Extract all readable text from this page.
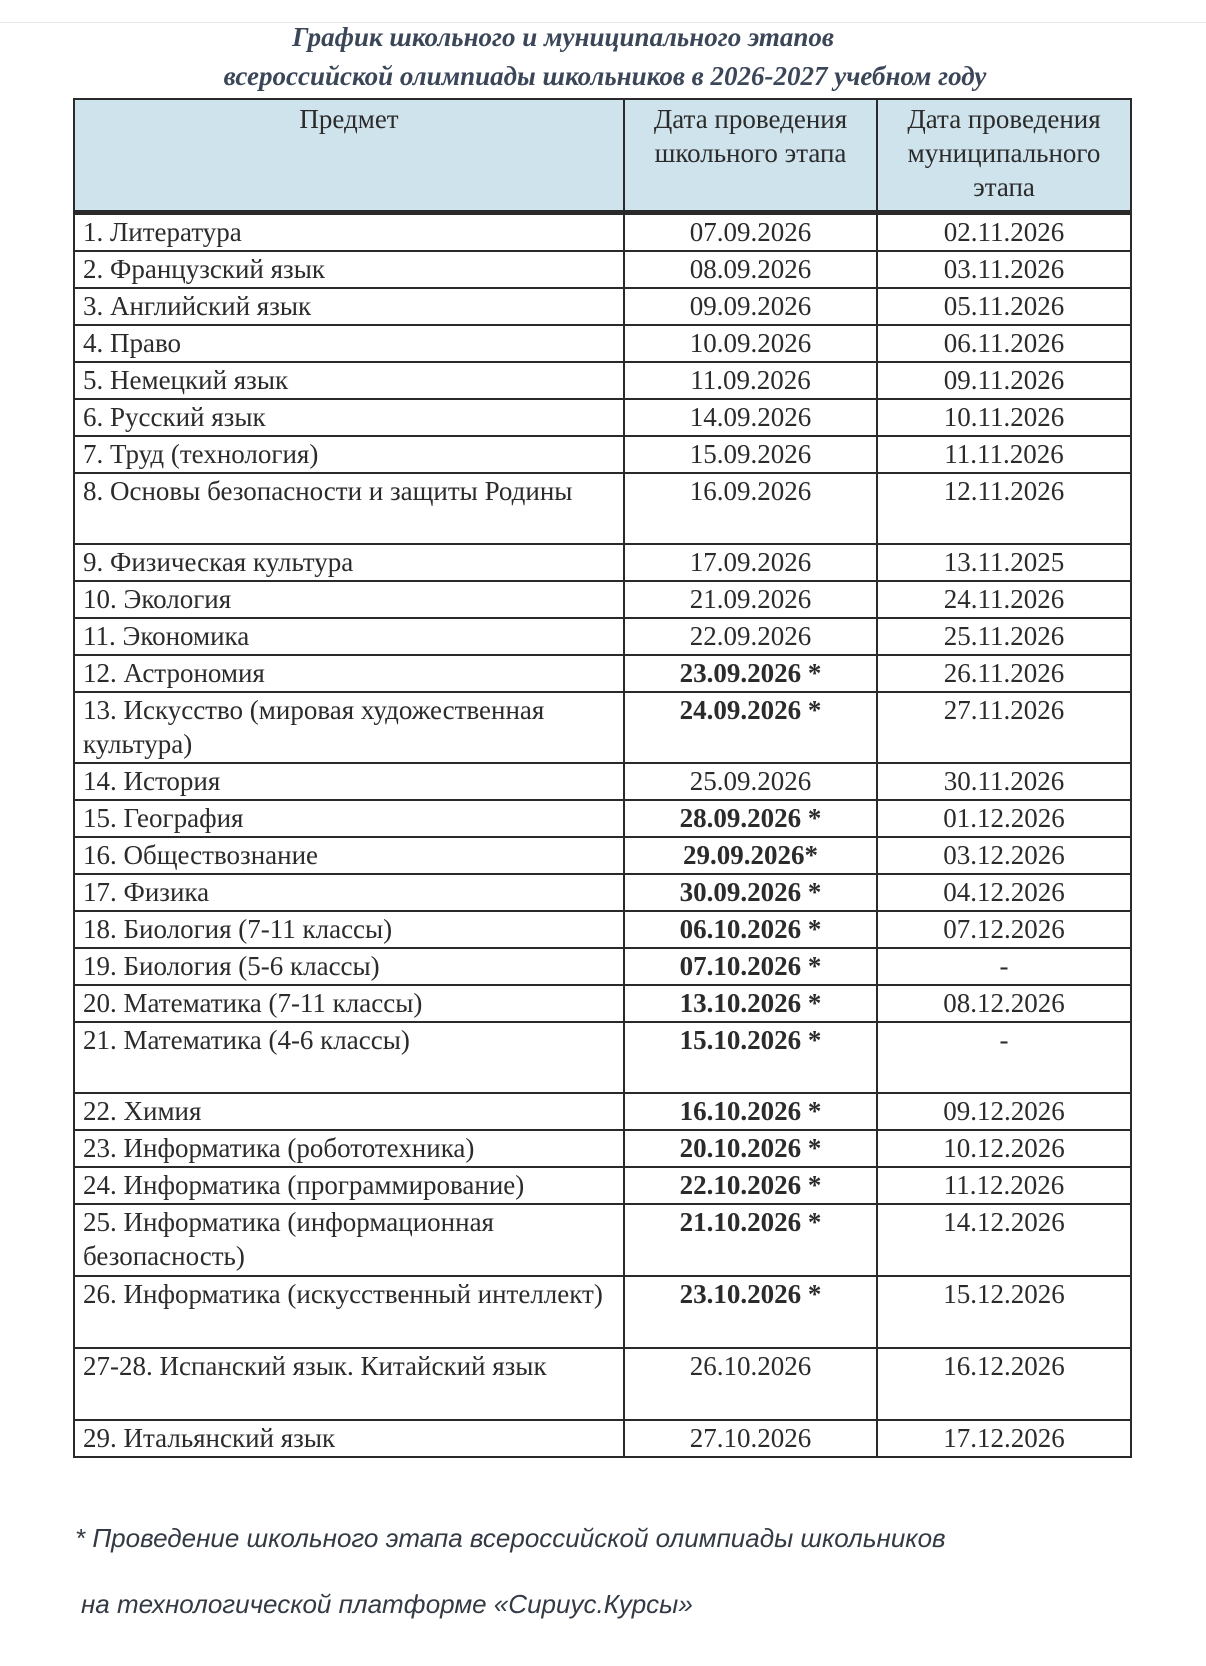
График школьного и муниципального этапов
всероссийской олимпиады школьников в 2026-2027 учебном году
Предмет	Дата проведения школьного этапа	Дата проведения муниципального этапа
1. Литература	07.09.2026	02.11.2026
2. Французский язык	08.09.2026	03.11.2026
3. Английский язык	09.09.2026	05.11.2026
4. Право	10.09.2026	06.11.2026
5. Немецкий язык	11.09.2026	09.11.2026
6. Русский язык	14.09.2026	10.11.2026
7. Труд (технология)	15.09.2026	11.11.2026
8. Основы безопасности и защиты Родины	16.09.2026	12.11.2026
9. Физическая культура	17.09.2026	13.11.2025
10. Экология	21.09.2026	24.11.2026
11. Экономика	22.09.2026	25.11.2026
12. Астрономия	23.09.2026 *	26.11.2026
13. Искусство (мировая художественная культура)	24.09.2026 *	27.11.2026
14. История	25.09.2026	30.11.2026
15. География	28.09.2026 *	01.12.2026
16. Обществознание	29.09.2026*	03.12.2026
17. Физика	30.09.2026 *	04.12.2026
18. Биология (7-11 классы)	06.10.2026 *	07.12.2026
19. Биология (5-6 классы)	07.10.2026 *	-
20. Математика (7-11 классы)	13.10.2026 *	08.12.2026
21. Математика (4-6 классы)	15.10.2026 *	-
22. Химия	16.10.2026 *	09.12.2026
23. Информатика (робототехника)	20.10.2026 *	10.12.2026
24. Информатика (программирование)	22.10.2026 *	11.12.2026
25. Информатика (информационная безопасность)	21.10.2026 *	14.12.2026
26. Информатика (искусственный интеллект)	23.10.2026 *	15.12.2026
27-28. Испанский язык. Китайский язык	26.10.2026	16.12.2026
29. Итальянский язык	27.10.2026	17.12.2026
* Проведение школьного этапа всероссийской олимпиады школьников
на технологической платформе «Сириус.Курсы»
